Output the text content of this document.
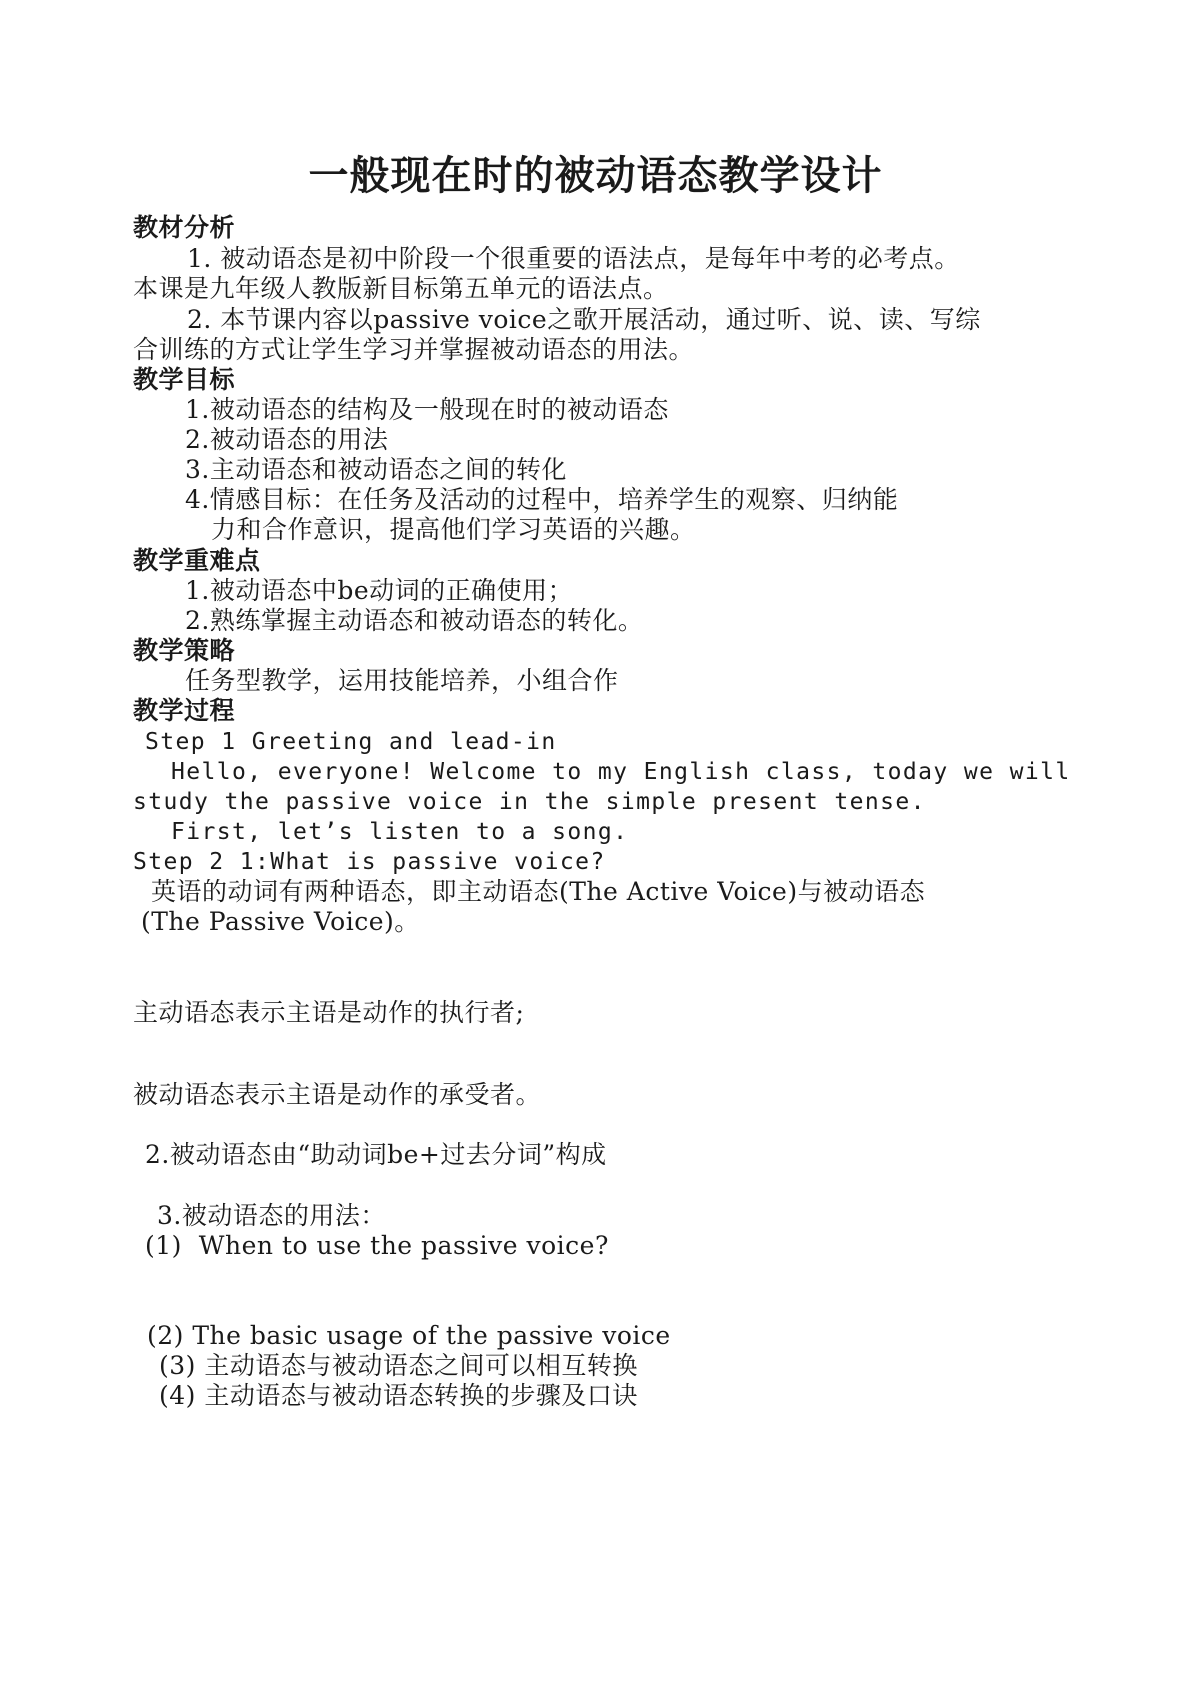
一般现在时的被动语态教学设计
教材分析
1. 被动语态是初中阶段一个很重要的语法点，是每年中考的必考点。
本课是九年级人教版新目标第五单元的语法点。
2. 本节课内容以passive voice之歌开展活动，通过听、说、读、写综
合训练的方式让学生学习并掌握被动语态的用法。
教学目标
1.被动语态的结构及一般现在时的被动语态
2.被动语态的用法
3.主动语态和被动语态之间的转化
4.情感目标：在任务及活动的过程中，培养学生的观察、归纳能
力和合作意识，提高他们学习英语的兴趣。
教学重难点
1.被动语态中be动词的正确使用；
2.熟练掌握主动语态和被动语态的转化。
教学策略
任务型教学，运用技能培养，小组合作
教学过程
Step 1 Greeting and lead-in
Hello, everyone! Welcome to my English class, today we will
study the passive voice in the simple present tense.
First, let’s listen to a song.
Step 2 1:What is passive voice?
英语的动词有两种语态，即主动语态(The Active Voice)与被动语态
(The Passive Voice)。
主动语态表示主语是动作的执行者;
被动语态表示主语是动作的承受者。
2.被动语态由“助动词be+过去分词”构成
3.被动语态的用法：
(1)  When to use the passive voice?
(2) The basic usage of the passive voice
(3) 主动语态与被动语态之间可以相互转换
(4) 主动语态与被动语态转换的步骤及口诀
